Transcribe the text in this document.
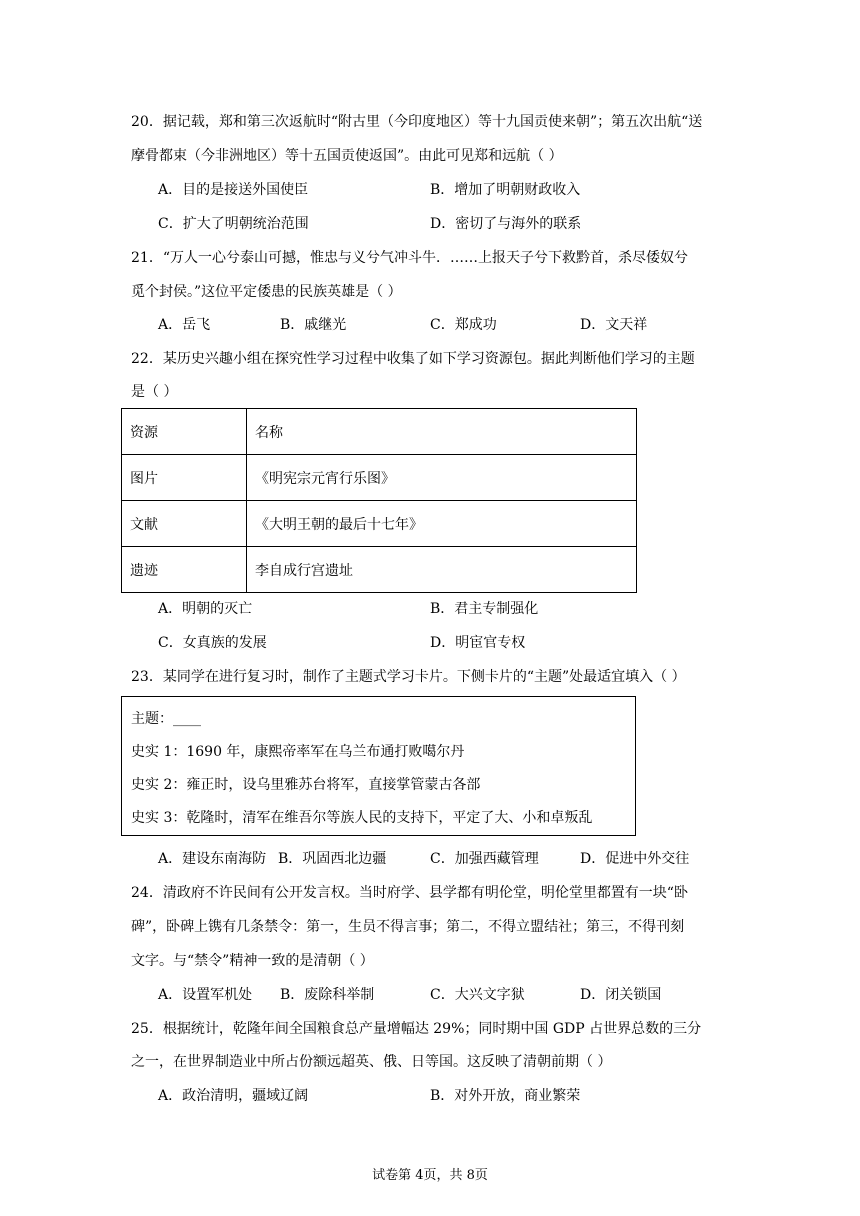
20．据记载，郑和第三次返航时“附古里（今印度地区）等十九国贡使来朝”；第五次出航“送
摩骨都束（今非洲地区）等十五国贡使返国”。由此可见郑和远航（ ）
A．目的是接送外国使臣	B．增加了明朝财政收入
C．扩大了明朝统治范围	D．密切了与海外的联系
21．“万人一心兮泰山可撼，惟忠与义兮气冲斗牛．……上报天子兮下救黔首，杀尽倭奴兮
觅个封侯。”这位平定倭患的民族英雄是（ ）
A．岳飞	B．戚继光	C．郑成功	D．文天祥
22．某历史兴趣小组在探究性学习过程中收集了如下学习资源包。据此判断他们学习的主题
是（ ）
资源	名称
图片	《明宪宗元宵行乐图》
文献	《大明王朝的最后十七年》
遗迹	李自成行宫遗址
A．明朝的灭亡	B．君主专制强化
C．女真族的发展	D．明宦官专权
23．某同学在进行复习时，制作了主题式学习卡片。下侧卡片的“主题”处最适宜填入（ ）
主题：____
史实 1：1690 年，康熙帝率军在乌兰布通打败噶尔丹
史实 2：雍正时，设乌里雅苏台将军，直接掌管蒙古各部
史实 3：乾隆时，清军在维吾尔等族人民的支持下，平定了大、小和卓叛乱
A．建设东南海防 B．巩固西北边疆	C．加强西藏管理	D．促进中外交往
24．清政府不许民间有公开发言权。当时府学、县学都有明伦堂，明伦堂里都置有一块“卧
碑”，卧碑上镌有几条禁令：第一，生员不得言事；第二，不得立盟结社；第三，不得刊刻
文字。与“禁令”精神一致的是清朝（ ）
A．设置军机处 B．废除科举制	C．大兴文字狱	D．闭关锁国
25．根据统计，乾隆年间全国粮食总产量增幅达 29%；同时期中国 GDP 占世界总数的三分
之一，在世界制造业中所占份额远超英、俄、日等国。这反映了清朝前期（ ）
A．政治清明，疆域辽阔	B．对外开放，商业繁荣
试卷第 4页，共 8页
